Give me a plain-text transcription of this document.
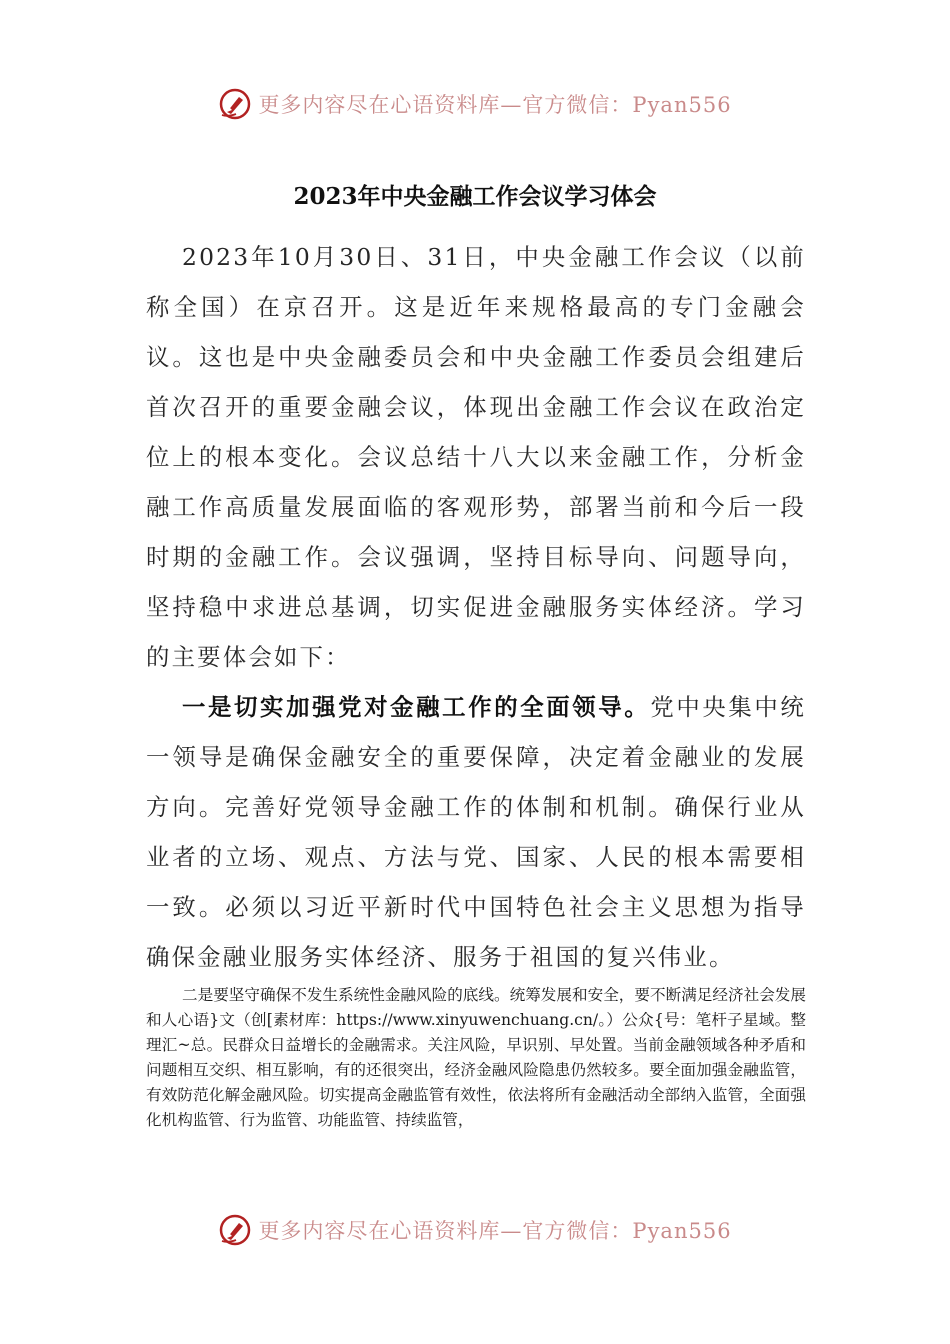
更多内容尽在心语资料库—官方微信：Pyan556
2023年中央金融工作会议学习体会
2023年10月30日、31日，中央金融工作会议（以前称全国）在京召开。这是近年来规格最高的专门金融会议。这也是中央金融委员会和中央金融工作委员会组建后首次召开的重要金融会议，体现出金融工作会议在政治定位上的根本变化。会议总结十八大以来金融工作，分析金融工作高质量发展面临的客观形势，部署当前和今后一段时期的金融工作。会议强调，坚持目标导向、问题导向，坚持稳中求进总基调，切实促进金融服务实体经济。学习的主要体会如下：
一是切实加强党对金融工作的全面领导。党中央集中统一领导是确保金融安全的重要保障，决定着金融业的发展方向。完善好党领导金融工作的体制和机制。确保行业从业者的立场、观点、方法与党、国家、人民的根本需要相一致。必须以习近平新时代中国特色社会主义思想为指导确保金融业服务实体经济、服务于祖国的复兴伟业。
二是要坚守确保不发生系统性金融风险的底线。统筹发展和安全，要不断满足经济社会发展和人心语}文（创[素材库：https://www.xinyuwenchuang.cn/。）公众{号：笔杆子星域。整理汇~总。民群众日益增长的金融需求。关注风险，早识别、早处置。当前金融领域各种矛盾和问题相互交织、相互影响，有的还很突出，经济金融风险隐患仍然较多。要全面加强金融监管，有效防范化解金融风险。切实提高金融监管有效性，依法将所有金融活动全部纳入监管，全面强化机构监管、行为监管、功能监管、持续监管，
更多内容尽在心语资料库—官方微信：Pyan556
